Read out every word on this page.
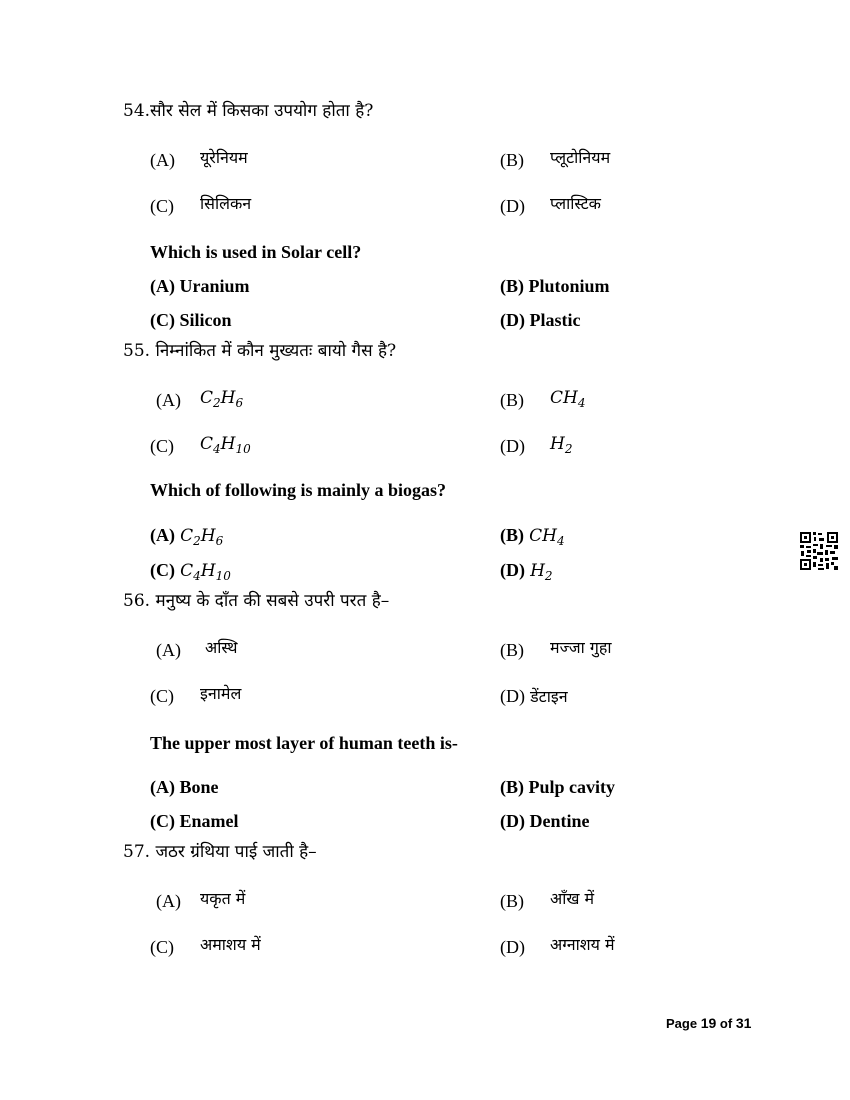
54.सौर सेल में किसका उपयोग होता है?
(A) यूरेनियम	(B) प्लूटोनियम
(C) सिलिकन	(D) प्लास्टिक
Which is used in Solar cell?
(A) Uranium	(B) Plutonium
(C) Silicon	(D) Plastic
55. निम्नांकित में कौन मुख्यतः बायो गैस है?
(A) $C_2H_6$	(B) $CH_4$
(C) $C_4H_{10}$	(D) $H_2$
Which of following is mainly a biogas?
(A) $C_2H_6$	(B) $CH_4$
(C) $C_4H_{10}$	(D) $H_2$
56. मनुष्य के दाँत की सबसे उपरी परत है–
(A) अस्थि	(B) मज्जा गुहा
(C) इनामेल	(D) डेंटाइन
The upper most layer of human teeth is-
(A) Bone	(B) Pulp cavity
(C) Enamel	(D) Dentine
57. जठर ग्रंथिया पाई जाती है–
(A) यकृत में	(B) आँख में
(C) अमाशय में	(D) अग्नाशय में
Page 19 of 31
